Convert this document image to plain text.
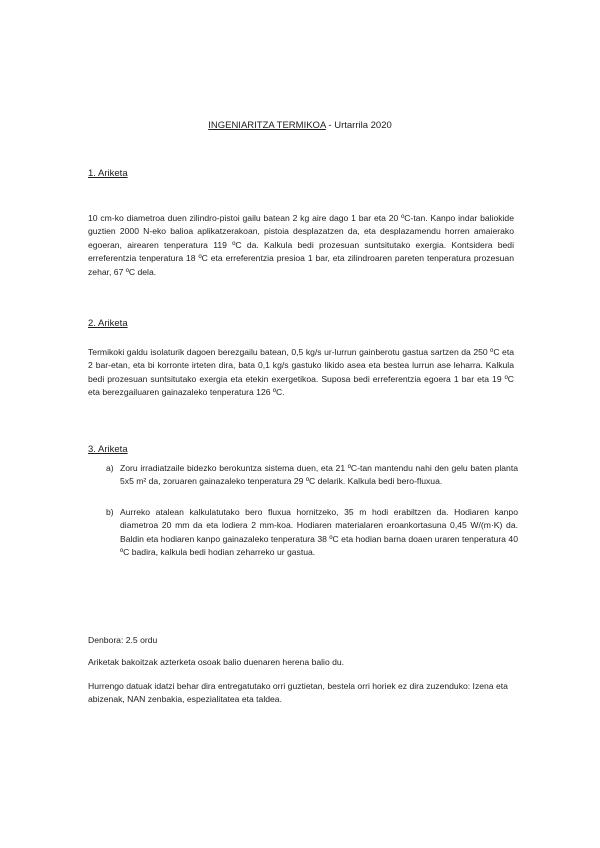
INGENIARITZA TERMIKOA - Urtarrila 2020
1. Ariketa

10 cm-ko diametroa duen zilindro-pistoi gailu batean 2 kg aire dago 1 bar eta 20 ºC-tan. Kanpo indar baliokide guztien 2000 N-eko balioa aplikatzerakoan, pistoia desplazatzen da, eta desplazamendu horren amaierako egoeran, airearen tenperatura 119 ºC da. Kalkula bedi prozesuan suntsitutako exergia. Kontsidera bedi erreferentzia tenperatura 18 ºC eta erreferentzia presioa 1 bar, eta zilindroaren pareten tenperatura prozesuan zehar, 67 ºC dela.

2. Ariketa

Termikoki galdu isolaturik dagoen berezgailu batean, 0,5 kg/s ur-lurrun gainberotu gastua sartzen da 250 ºC eta 2 bar-etan, eta bi korronte irteten dira, bata 0,1 kg/s gastuko likido asea eta bestea lurrun ase leharra. Kalkula bedi prozesuan suntsitutako exergia eta etekin exergetikoa. Suposa bedi erreferentzia egoera 1 bar eta 19 ºC eta berezgailuaren gainazaleko tenperatura 126 ºC.

3. Ariketa
a) Zoru irradiatzaile bidezko berokuntza sistema duen, eta 21 ºC-tan mantendu nahi den gelu baten planta 5x5 m² da, zoruaren gainazaleko tenperatura 29 ºC delarik. Kalkula bedi bero-fluxua.
b) Aurreko atalean kalkulatutako bero fluxua hornitzeko, 35 m hodi erabiltzen da. Hodiaren kanpo diametroa 20 mm da eta lodiera 2 mm-koa. Hodiaren materialaren eroankortasuna 0,45 W/(m·K) da. Baldin eta hodiaren kanpo gainazaleko tenperatura 38 ºC eta hodian barna doaen uraren tenperatura 40 ºC badira, kalkula bedi hodian zeharreko ur gastua.

Denbora: 2.5 ordu

Ariketak bakoitzak azterketa osoak balio duenaren herena balio du.

Hurrengo datuak idatzi behar dira entregatutako orri guztietan, bestela orri horiek ez dira zuzenduko: Izena eta abizenak, NAN zenbakia, espezialitatea eta taldea.
